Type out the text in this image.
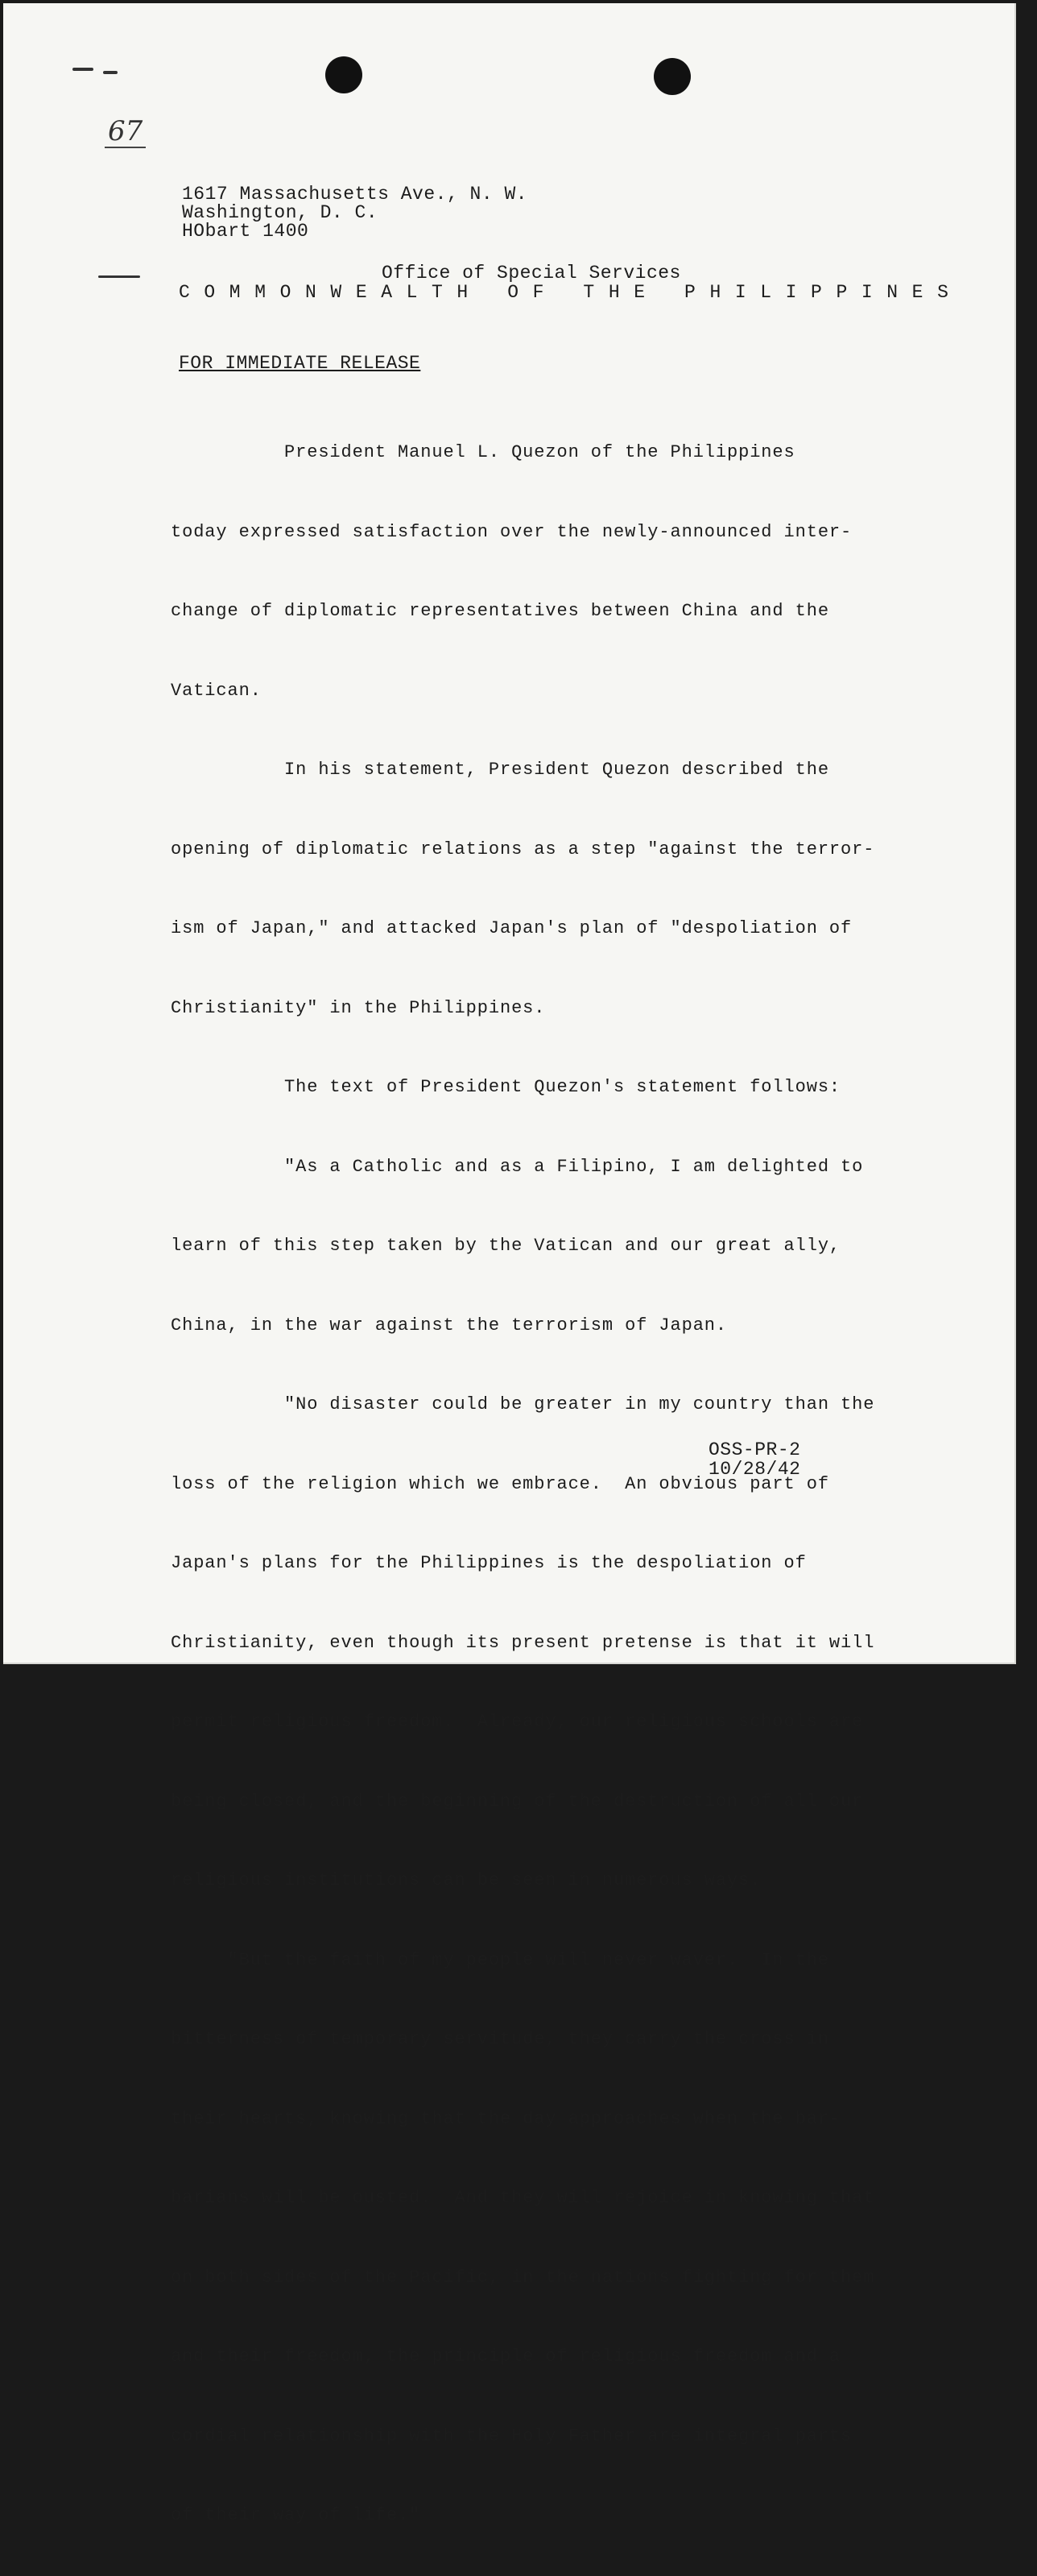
67
1617 Massachusetts Ave., N. W.
Washington, D. C.
HObart 1400
Office of Special Services
COMMONWEALTH OF THE PHILIPPINES
FOR IMMEDIATE RELEASE

President Manuel L. Quezon of the Philippines

today expressed satisfaction over the newly-announced inter-

change of diplomatic representatives between China and the

Vatican.

In his statement, President Quezon described the

opening of diplomatic relations as a step "against the terror-

ism of Japan," and attacked Japan's plan of "despoliation of

Christianity" in the Philippines.

The text of President Quezon's statement follows:

"As a Catholic and as a Filipino, I am delighted to

learn of this step taken by the Vatican and our great ally,

China, in the war against the terrorism of Japan.

"No disaster could be greater in my country than the

loss of the religion which we embrace.  An obvious part of

Japan's plans for the Philippines is the despoliation of

Christianity, even though its present pretense is that it will

permit religious freedom.  Already, our religious schools are

being closed, and the beginning of the destruction of all our

religious institutions can be seen in numerous ways.

"But the faith of my people will never waver.  In the

bitterness of temporary servitude, they carry the cross in

their hearts, knowing that the day approaches when the bar-

barians will be ousted.  And they will rejoice in knowing that

on both sides of the Pacific, in the nations fighting for them

and their freedom, the principle of religious freedom and a

cordial relationship with the Holy Father are integral parts

of their way of life."

OSS-PR-2
10/28/42
